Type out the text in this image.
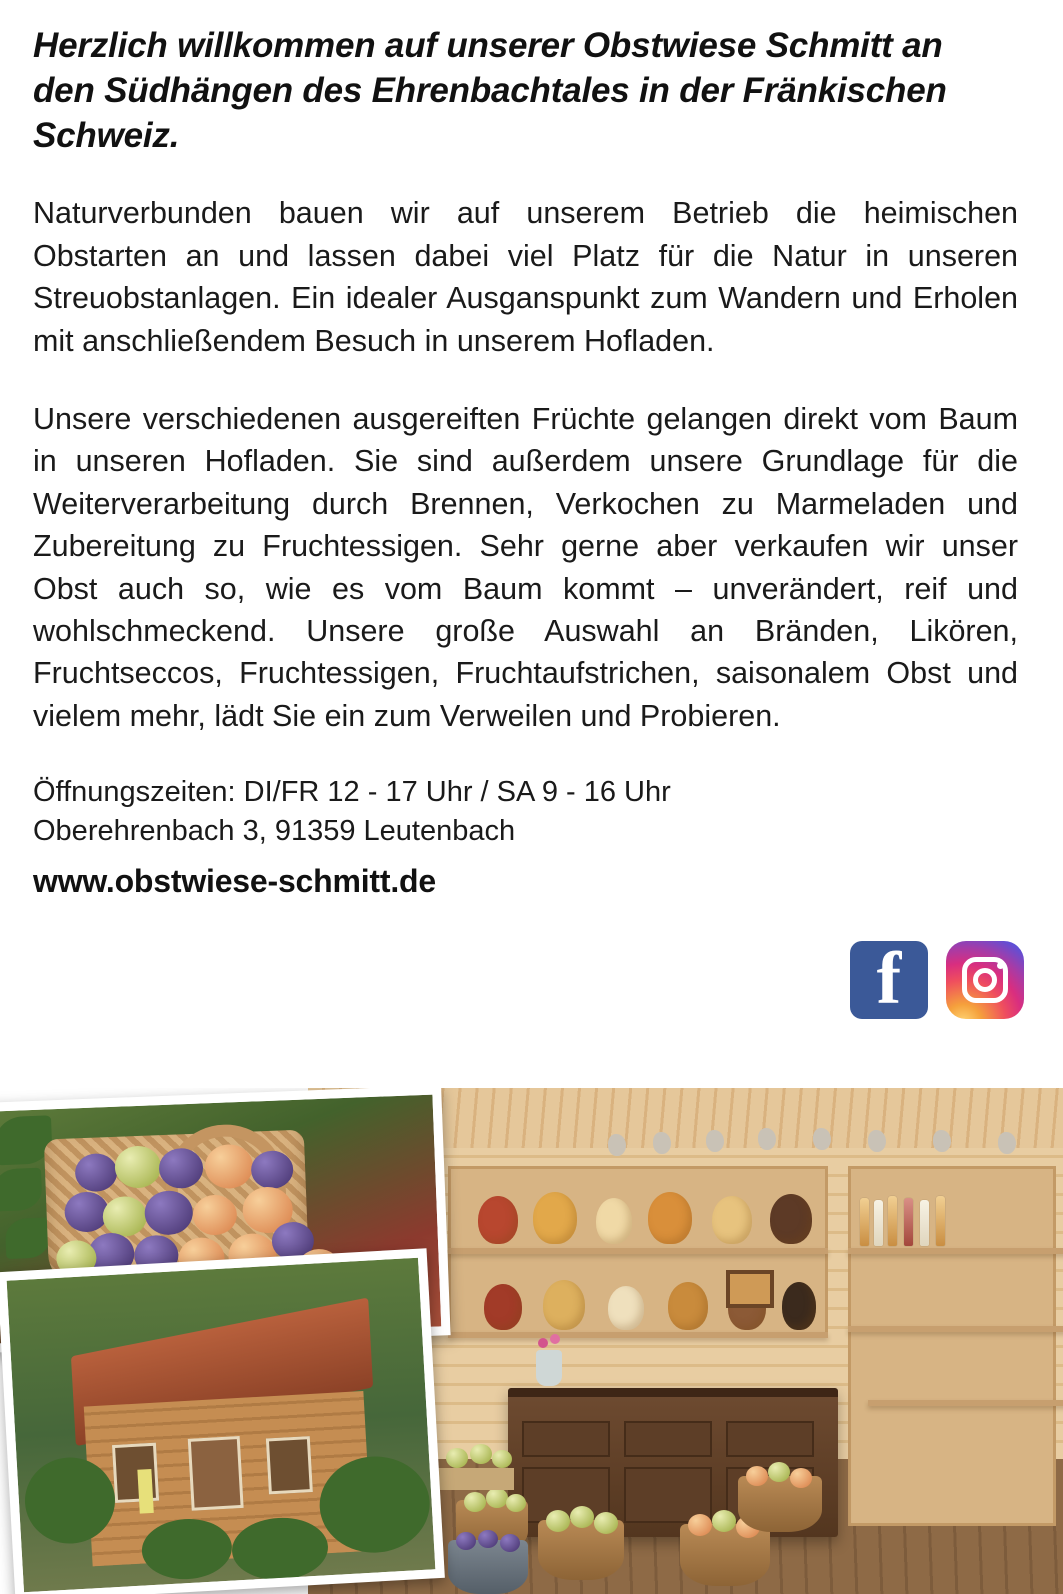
Herzlich willkommen auf unserer Obstwiese Schmitt an den Südhängen des Ehrenbachtales in der Fränkischen Schweiz.

Naturverbunden bauen wir auf unserem Betrieb die heimischen Obstarten an und lassen dabei viel Platz für die Natur in unseren Streuobstanlagen. Ein idealer Ausganspunkt zum Wandern und Erholen mit anschließendem Besuch in unserem Hofladen.

Unsere verschiedenen ausgereiften Früchte gelangen direkt vom Baum in unseren Hofladen. Sie sind außerdem unsere Grundlage für die Weiterverarbeitung durch Brennen, Verkochen zu Marmeladen und Zubereitung zu Fruchtessigen. Sehr gerne aber verkaufen wir unser Obst auch so, wie es vom Baum kommt – unverändert, reif und wohlschmeckend. Unsere große Auswahl an Bränden, Likören, Fruchtseccos, Fruchtessigen, Fruchtaufstrichen, saisonalem Obst und vielem mehr, lädt Sie ein zum Verweilen und Probieren.

Öffnungszeiten: DI/FR 12 - 17 Uhr / SA 9 - 16 Uhr
Oberehrenbach 3, 91359 Leutenbach
www.obstwiese-schmitt.de
f
